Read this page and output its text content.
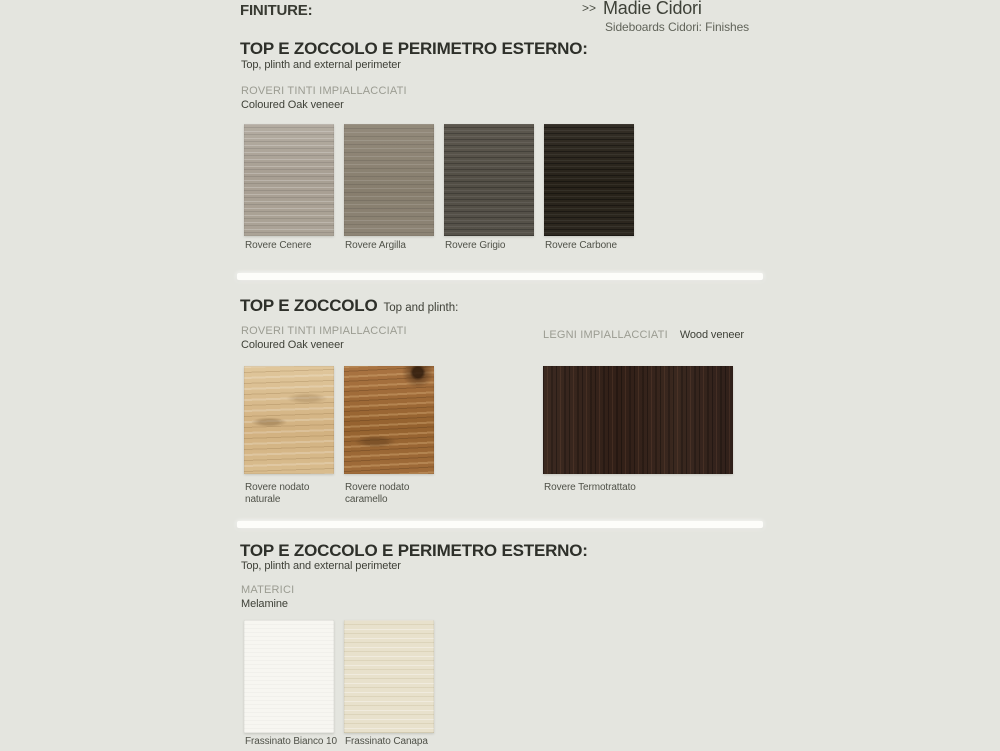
FINITURE:	>> Madie Cidori
Sideboards Cidori: Finishes
TOP E ZOCCOLO E PERIMETRO ESTERNO:
Top, plinth and external perimeter
ROVERI TINTI IMPIALLACCIATI
Coloured Oak veneer
Rovere Cenere	Rovere Argilla	Rovere Grigio	Rovere Carbone
TOP E ZOCCOLO Top and plinth:
ROVERI TINTI IMPIALLACCIATI
Coloured Oak veneer
LEGNI IMPIALLACCIATI Wood veneer
Rovere nodato naturale
Rovere nodato caramello
Rovere Termotrattato
TOP E ZOCCOLO E PERIMETRO ESTERNO:
Top, plinth and external perimeter
MATERICI
Melamine
Frassinato Bianco 10 Frassinato Canapa
